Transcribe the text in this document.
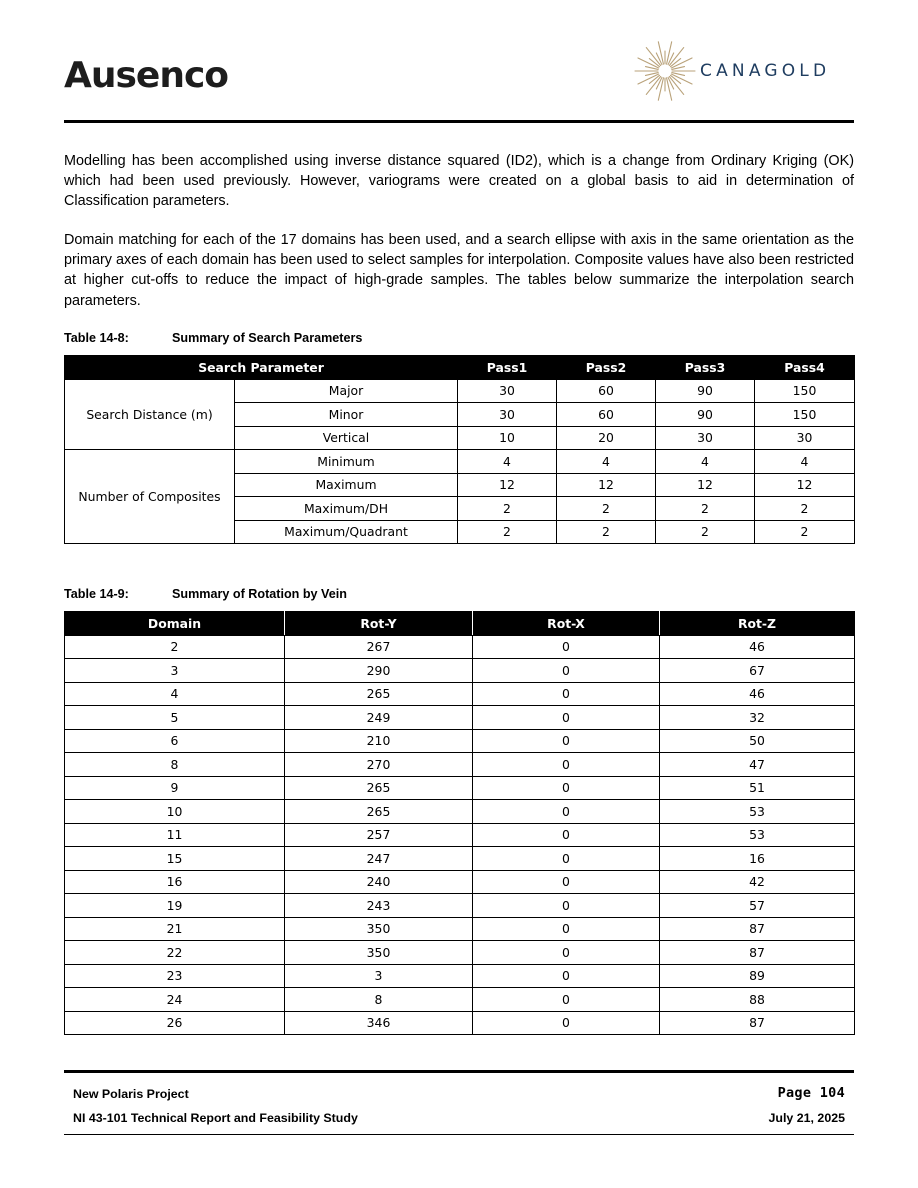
Ausenco	CANAGOLD
Modelling has been accomplished using inverse distance squared (ID2), which is a change from Ordinary Kriging (OK) which had been used previously. However, variograms were created on a global basis to aid in determination of Classification parameters.
Domain matching for each of the 17 domains has been used, and a search ellipse with axis in the same orientation as the primary axes of each domain has been used to select samples for interpolation. Composite values have also been restricted at higher cut-offs to reduce the impact of high-grade samples. The tables below summarize the interpolation search parameters.
Table 14-8:	Summary of Search Parameters
Search Parameter		Pass1	Pass2	Pass3	Pass4
Search Distance (m)	Major	30	60	90	150
	Minor	30	60	90	150
	Vertical	10	20	30	30
Number of Composites	Minimum	4	4	4	4
	Maximum	12	12	12	12
	Maximum/DH	2	2	2	2
	Maximum/Quadrant	2	2	2	2
Table 14-9:	Summary of Rotation by Vein
Domain	Rot-Y	Rot-X	Rot-Z
2	267	0	46
3	290	0	67
4	265	0	46
5	249	0	32
6	210	0	50
8	270	0	47
9	265	0	51
10	265	0	53
11	257	0	53
15	247	0	16
16	240	0	42
19	243	0	57
21	350	0	87
22	350	0	87
23	3	0	89
24	8	0	88
26	346	0	87
New Polaris Project
NI 43-101 Technical Report and Feasibility Study
Page 104
July 21, 2025
